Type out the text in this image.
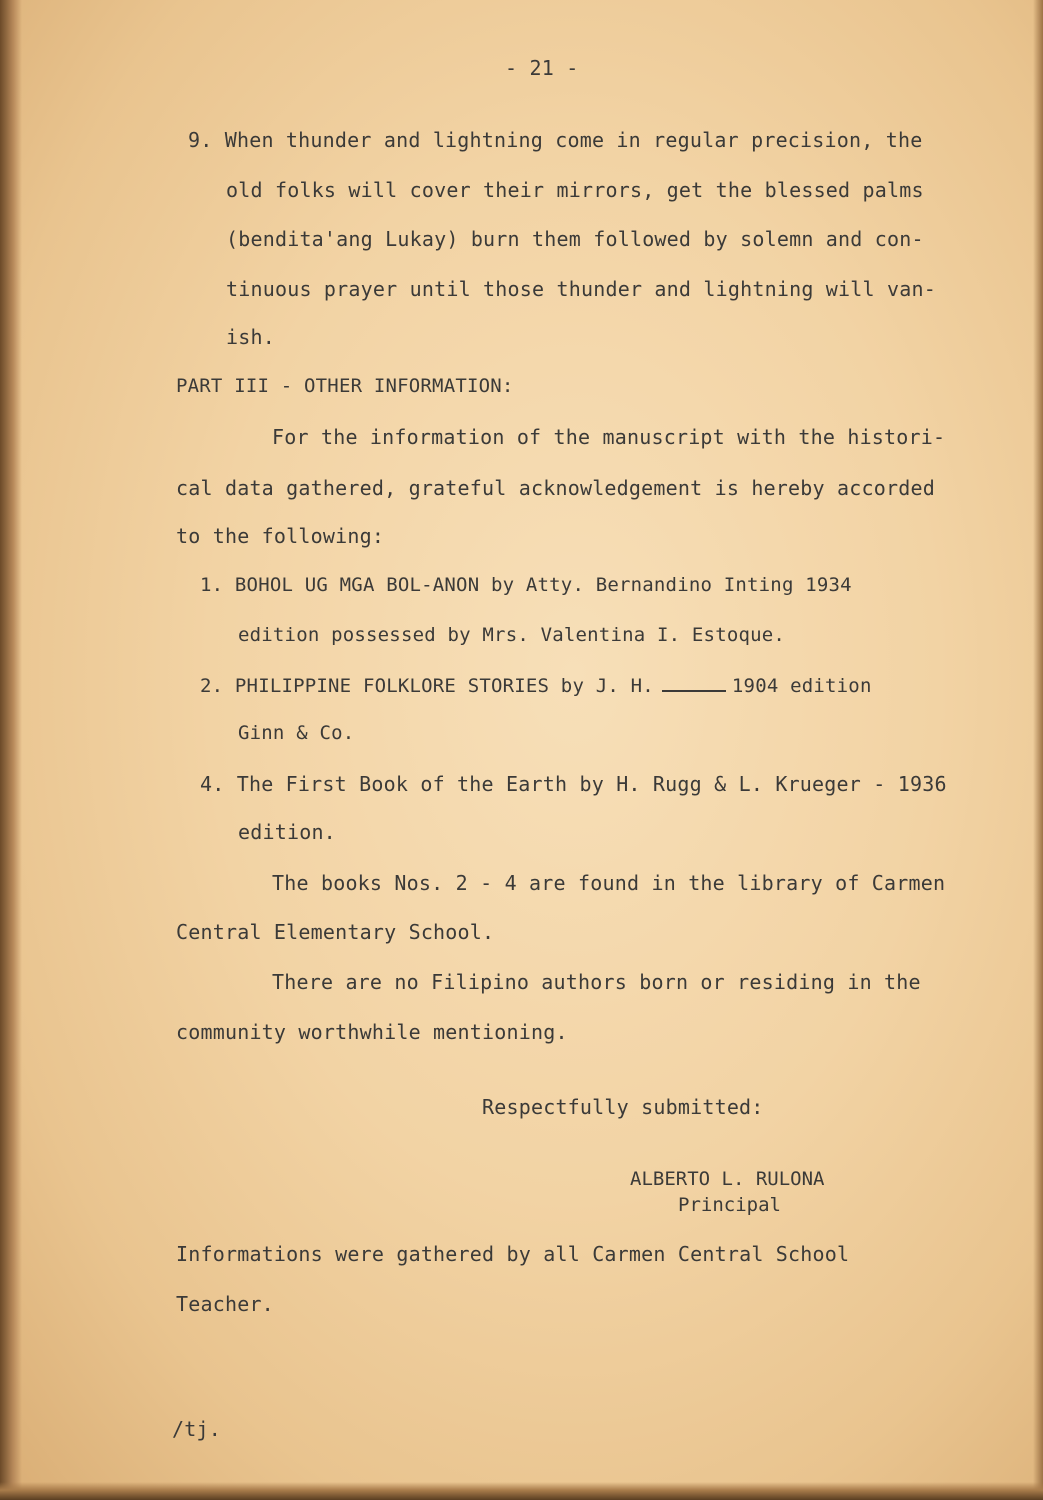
- 21 -
9. When thunder and lightning come in regular precision, the
old folks will cover their mirrors, get the blessed palms
(bendita'ang Lukay) burn them followed by solemn and con-
tinuous prayer until those thunder and lightning will van-
ish.
PART III - OTHER INFORMATION:
For the information of the manuscript with the histori-
cal data gathered, grateful acknowledgement is hereby accorded
to the following:
1. BOHOL UG MGA BOL-ANON by Atty. Bernandino Inting 1934
edition possessed by Mrs. Valentina I. Estoque.
2. PHILIPPINE FOLKLORE STORIES by J. H.	1904 edition
Ginn & Co.
4. The First Book of the Earth by H. Rugg & L. Krueger - 1936
edition.
The books Nos. 2 - 4 are found in the library of Carmen
Central Elementary School.
There are no Filipino authors born or residing in the
community worthwhile mentioning.
Respectfully submitted:
ALBERTO L. RULONA
Principal
Informations were gathered by all Carmen Central School
Teacher.
/tj.
